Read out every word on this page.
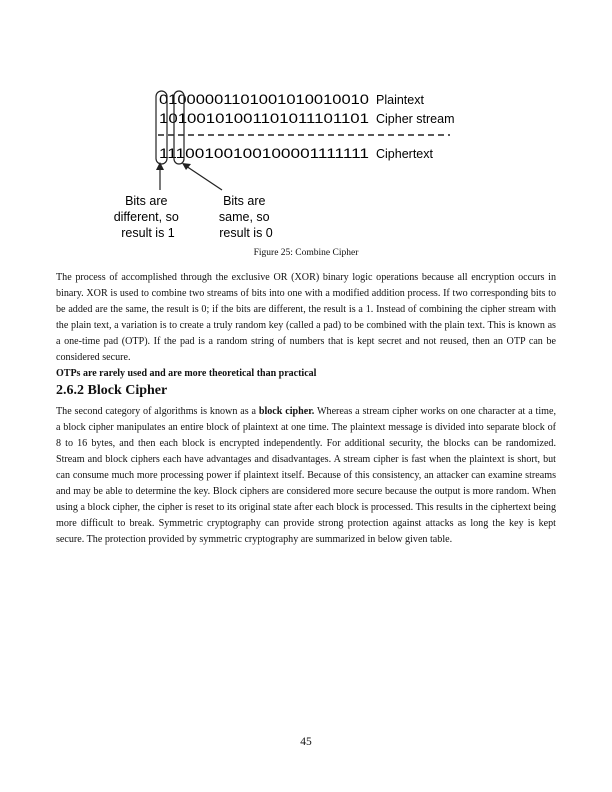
01000001101001010010010 Plaintext
10100101001101011101101 Cipher stream
11100100100100001111111 Ciphertext
Bits are different, so result is 1
Bits are same, so result is 0
Figure 25: Combine Cipher

The process of accomplished through the exclusive OR (XOR) binary logic operations because all encryption occurs in binary. XOR is used to combine two streams of bits into one with a modified addition process. If two corresponding bits to be added are the same, the result is 0; if the bits are different, the result is a 1. Instead of combining the cipher stream with the plain text, a variation is to create a truly random key (called a pad) to be combined with the plain text. This is known as a one-time pad (OTP). If the pad is a random string of numbers that is kept secret and not reused, then an OTP can be considered secure.

OTPs are rarely used and are more theoretical than practical

2.6.2 Block Cipher

The second category of algorithms is known as a block cipher. Whereas a stream cipher works on one character at a time, a block cipher manipulates an entire block of plaintext at one time. The plaintext message is divided into separate block of 8 to 16 bytes, and then each block is encrypted independently. For additional security, the blocks can be randomized. Stream and block ciphers each have advantages and disadvantages. A stream cipher is fast when the plaintext is short, but can consume much more processing power if plaintext itself. Because of this consistency, an attacker can examine streams and may be able to determine the key. Block ciphers are considered more secure because the output is more random. When using a block cipher, the cipher is reset to its original state after each block is processed. This results in the ciphertext being more difficult to break. Symmetric cryptography can provide strong protection against attacks as long the key is kept secure. The protection provided by symmetric cryptography are summarized in below given table.

45
